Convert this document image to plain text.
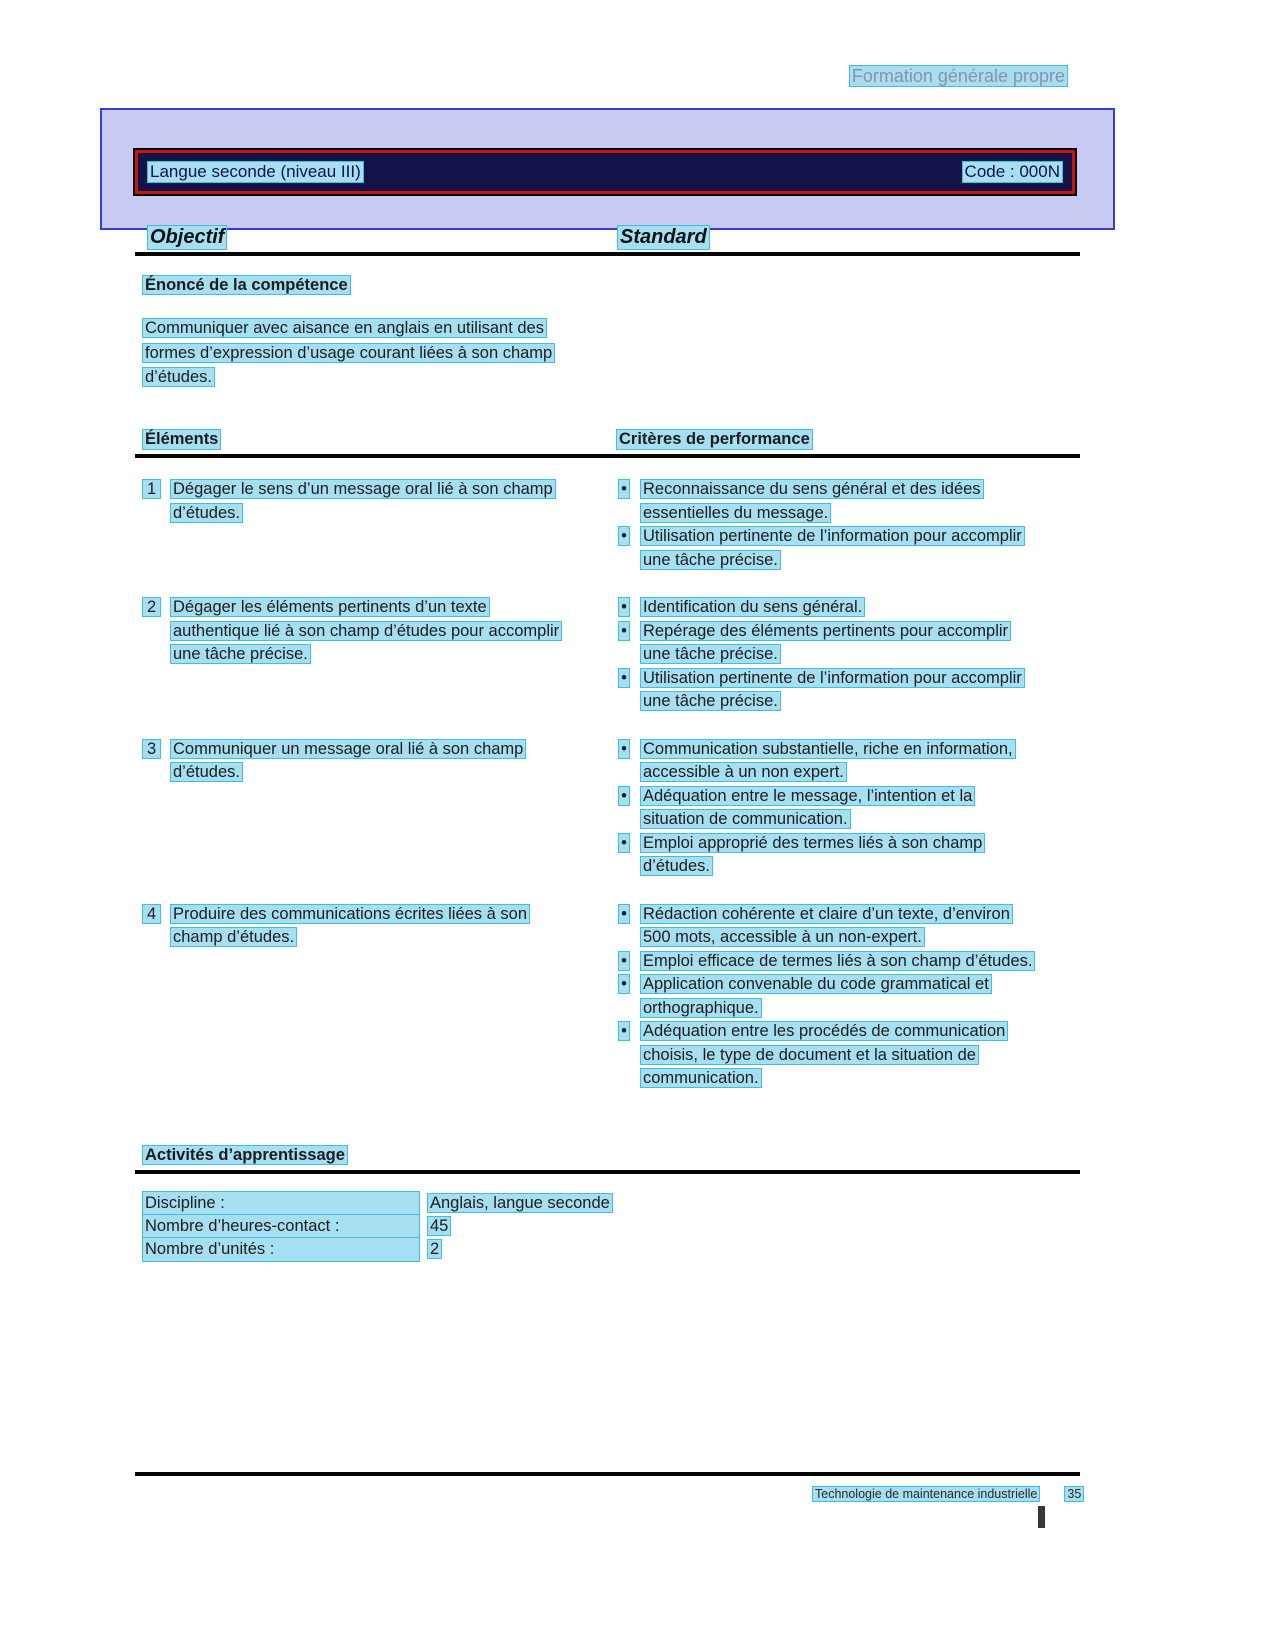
Formation générale propre
Langue seconde (niveau III)	Code : 000N
Objectif	Standard
Énoncé de la compétence
Communiquer avec aisance en anglais en utilisant des formes d’expression d’usage courant liées à son champ d’études.
Éléments	Critères de performance
1	Dégager le sens d’un message oral lié à son champ d’études.
• Reconnaissance du sens général et des idées essentielles du message.
• Utilisation pertinente de l’information pour accomplir une tâche précise.
2	Dégager les éléments pertinents d’un texte authentique lié à son champ d’études pour accomplir une tâche précise.
• Identification du sens général.
• Repérage des éléments pertinents pour accomplir une tâche précise.
• Utilisation pertinente de l’information pour accomplir une tâche précise.
3	Communiquer un message oral lié à son champ d’études.
• Communication substantielle, riche en information, accessible à un non expert.
• Adéquation entre le message, l’intention et la situation de communication.
• Emploi approprié des termes liés à son champ d’études.
4	Produire des communications écrites liées à son champ d’études.
• Rédaction cohérente et claire d’un texte, d’environ 500 mots, accessible à un non-expert.
• Emploi efficace de termes liés à son champ d’études.
• Application convenable du code grammatical et orthographique.
• Adéquation entre les procédés de communication choisis, le type de document et la situation de communication.
Activités d’apprentissage
Discipline :	Anglais, langue seconde
Nombre d’heures-contact :	45
Nombre d’unités :	2
Technologie de maintenance industrielle 35
